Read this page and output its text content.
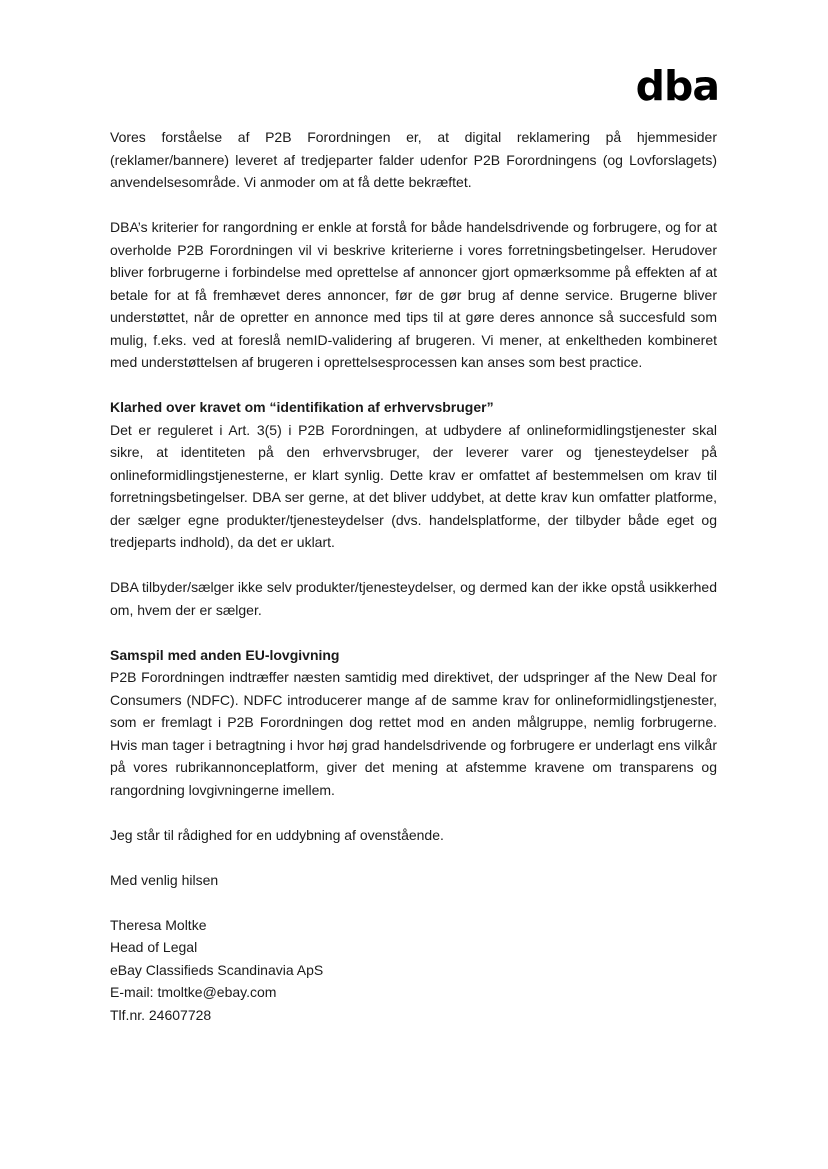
dba

Vores forståelse af P2B Forordningen er, at digital reklamering på hjemmesider (reklamer/bannere) leveret af tredjeparter falder udenfor P2B Forordningens (og Lovforslagets) anvendelsesområde. Vi anmoder om at få dette bekræftet.

DBA’s kriterier for rangordning er enkle at forstå for både handelsdrivende og forbrugere, og for at overholde P2B Forordningen vil vi beskrive kriterierne i vores forretningsbetingelser. Herudover bliver forbrugerne i forbindelse med oprettelse af annoncer gjort opmærksomme på effekten af at betale for at få fremhævet deres annoncer, før de gør brug af denne service. Brugerne bliver understøttet, når de opretter en annonce med tips til at gøre deres annonce så succesfuld som mulig, f.eks. ved at foreslå nemID-validering af brugeren. Vi mener, at enkeltheden kombineret med understøttelsen af brugeren i oprettelsesprocessen kan anses som best practice.

Klarhed over kravet om “identifikation af erhvervsbruger”

Det er reguleret i Art. 3(5) i P2B Forordningen, at udbydere af onlineformidlingstjenester skal sikre, at identiteten på den erhvervsbruger, der leverer varer og tjenesteydelser på onlineformidlingstjenesterne, er klart synlig. Dette krav er omfattet af bestemmelsen om krav til forretningsbetingelser. DBA ser gerne, at det bliver uddybet, at dette krav kun omfatter platforme, der sælger egne produkter/tjenesteydelser (dvs. handelsplatforme, der tilbyder både eget og tredjeparts indhold), da det er uklart.

DBA tilbyder/sælger ikke selv produkter/tjenesteydelser, og dermed kan der ikke opstå usikkerhed om, hvem der er sælger.

Samspil med anden EU-lovgivning

P2B Forordningen indtræffer næsten samtidig med direktivet, der udspringer af the New Deal for Consumers (NDFC). NDFC introducerer mange af de samme krav for onlineformidlingstjenester, som er fremlagt i P2B Forordningen dog rettet mod en anden målgruppe, nemlig forbrugerne. Hvis man tager i betragtning i hvor høj grad handelsdrivende og forbrugere er underlagt ens vilkår på vores rubrikannonceplatform, giver det mening at afstemme kravene om transparens og rangordning lovgivningerne imellem.

Jeg står til rådighed for en uddybning af ovenstående.

Med venlig hilsen

Theresa Moltke

Head of Legal

eBay Classifieds Scandinavia ApS

E-mail: tmoltke@ebay.com

Tlf.nr. 24607728
